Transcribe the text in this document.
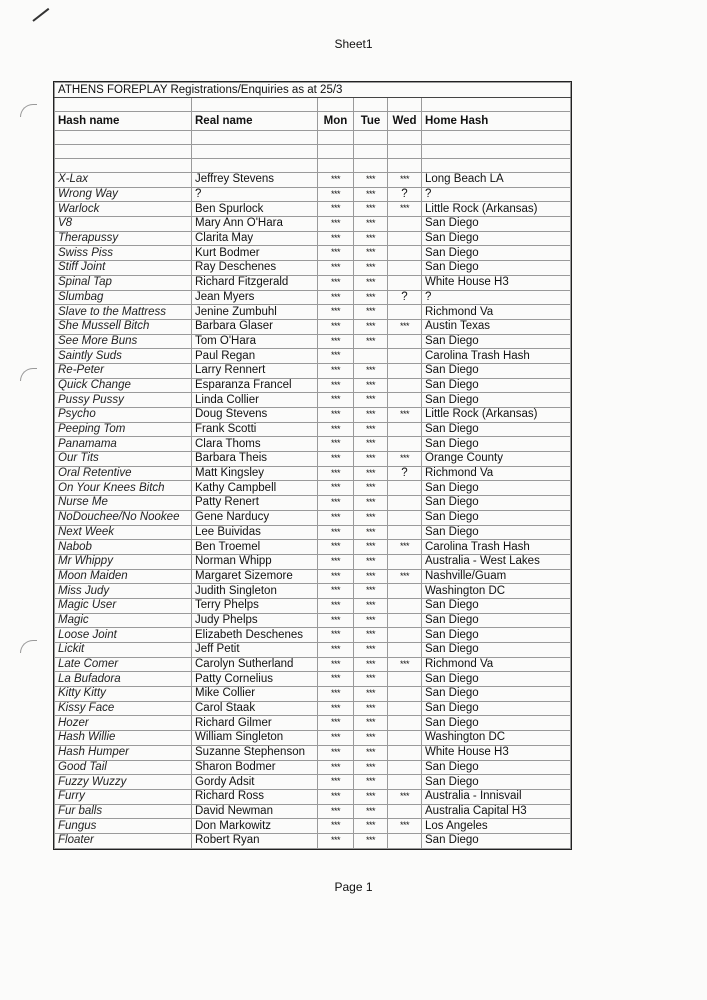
Sheet1
ATHENS FOREPLAY Registrations/Enquiries as at 25/3					

Hash name	Real name	Mon	Tue	Wed	Home Hash

X-Lax	Jeffrey Stevens	***	***	***	Long Beach LA
Wrong Way	?	***	***	?	?
Warlock	Ben Spurlock	***	***	***	Little Rock (Arkansas)
V8	Mary Ann O'Hara	***	***		San Diego
Therapussy	Clarita May	***	***		San Diego
Swiss Piss	Kurt Bodmer	***	***		San Diego
Stiff Joint	Ray Deschenes	***	***		San Diego
Spinal Tap	Richard Fitzgerald	***	***		White House H3
Slumbag	Jean Myers	***	***	?	?
Slave to the Mattress	Jenine Zumbuhl	***	***		Richmond Va
She Mussell Bitch	Barbara Glaser	***	***	***	Austin Texas
See More Buns	Tom O'Hara	***	***		San Diego
Saintly Suds	Paul Regan	***			Carolina Trash Hash
Re-Peter	Larry Rennert	***	***		San Diego
Quick Change	Esparanza Francel	***	***		San Diego
Pussy Pussy	Linda Collier	***	***		San Diego
Psycho	Doug Stevens	***	***	***	Little Rock (Arkansas)
Peeping Tom	Frank Scotti	***	***		San Diego
Panamama	Clara Thoms	***	***		San Diego
Our Tits	Barbara Theis	***	***	***	Orange County
Oral Retentive	Matt Kingsley	***	***	?	Richmond Va
On Your Knees Bitch	Kathy Campbell	***	***		San Diego
Nurse Me	Patty Renert	***	***		San Diego
NoDouchee/No Nookee	Gene Narducy	***	***		San Diego
Next Week	Lee Buividas	***	***		San Diego
Nabob	Ben Troemel	***	***	***	Carolina Trash Hash
Mr Whippy	Norman Whipp	***	***		Australia - West Lakes
Moon Maiden	Margaret Sizemore	***	***	***	Nashville/Guam
Miss Judy	Judith Singleton	***	***		Washington DC
Magic User	Terry Phelps	***	***		San Diego
Magic	Judy Phelps	***	***		San Diego
Loose Joint	Elizabeth Deschenes	***	***		San Diego
Lickit	Jeff Petit	***	***		San Diego
Late Comer	Carolyn Sutherland	***	***	***	Richmond Va
La Bufadora	Patty Cornelius	***	***		San Diego
Kitty Kitty	Mike Collier	***	***		San Diego
Kissy Face	Carol Staak	***	***		San Diego
Hozer	Richard Gilmer	***	***		San Diego
Hash Willie	William Singleton	***	***		Washington DC
Hash Humper	Suzanne Stephenson	***	***		White House H3
Good Tail	Sharon Bodmer	***	***		San Diego
Fuzzy Wuzzy	Gordy Adsit	***	***		San Diego
Furry	Richard Ross	***	***	***	Australia - Innisvail
Fur balls	David Newman	***	***		Australia Capital H3
Fungus	Don Markowitz	***	***	***	Los Angeles
Floater	Robert Ryan	***	***		San Diego
Page 1
